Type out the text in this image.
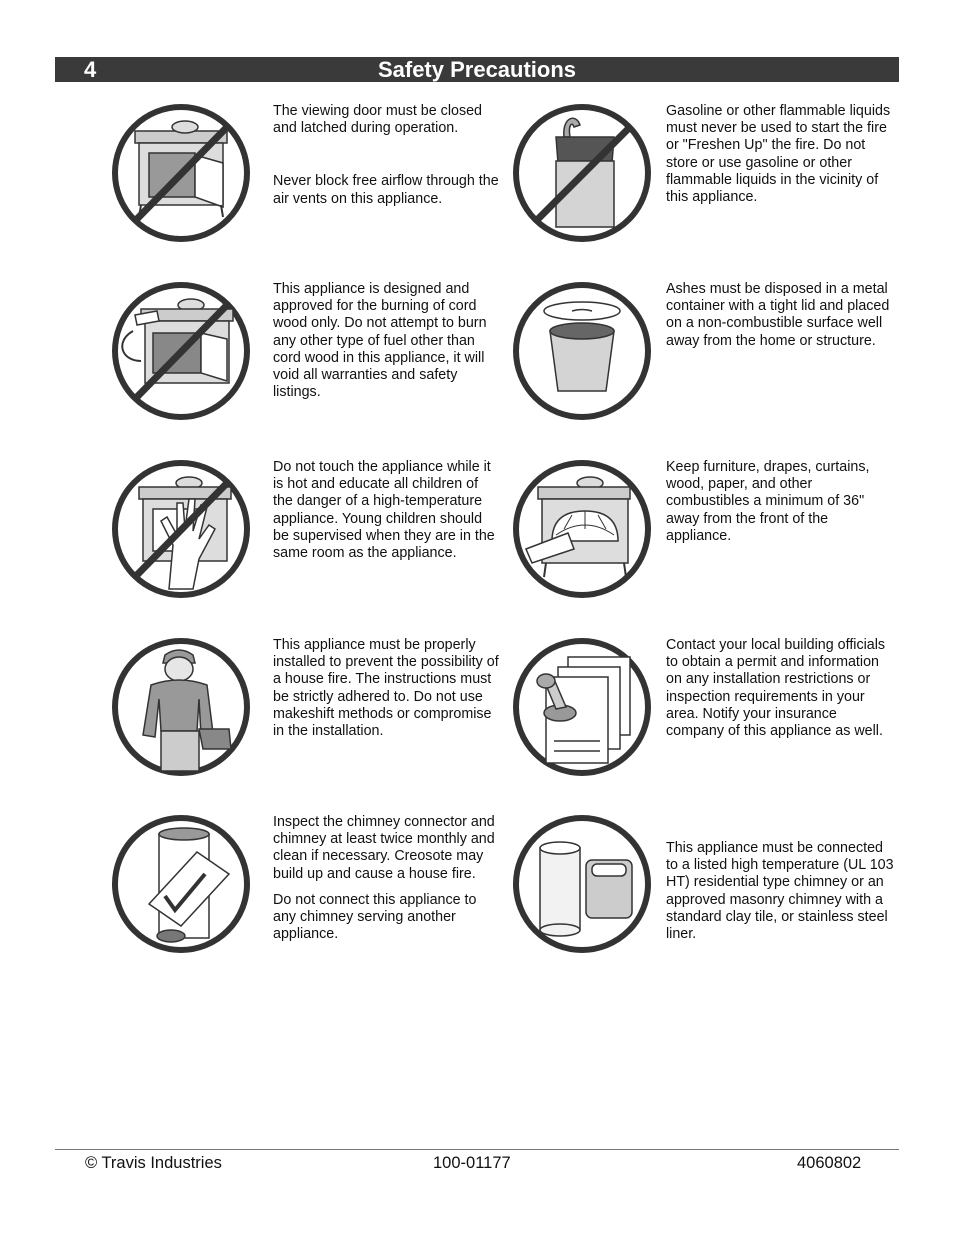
4	Safety Precautions

The viewing door must be closed and latched during operation.

Never block free airflow through the air vents on this appliance.

Gasoline or other flammable liquids must never be used to start the fire or "Freshen Up" the fire. Do not store or use gasoline or other flammable liquids in the vicinity of this appliance.

This appliance is designed and approved for the burning of cord wood only. Do not attempt to burn any other type of fuel other than cord wood in this appliance, it will void all warranties and safety listings.

Ashes must be disposed in a metal container with a tight lid and placed on a non-combustible surface well away from the home or structure.

Do not touch the appliance while it is hot and educate all children of the danger of a high-temperature appliance. Young children should be supervised when they are in the same room as the appliance.

Keep furniture, drapes, curtains, wood, paper, and other combustibles a minimum of 36" away from the front of the appliance.

This appliance must be properly installed to prevent the possibility of a house fire. The instructions must be strictly adhered to. Do not use makeshift methods or compromise in the installation.

Contact your local building officials to obtain a permit and information on any installation restrictions or inspection requirements in your area. Notify your insurance company of this appliance as well.

Inspect the chimney connector and chimney at least twice monthly and clean if necessary. Creosote may build up and cause a house fire.

Do not connect this appliance to any chimney serving another appliance.

This appliance must be connected to a listed high temperature (UL 103 HT) residential type chimney or an approved masonry chimney with a standard clay tile, or stainless steel liner.

© Travis Industries	100-01177	4060802
